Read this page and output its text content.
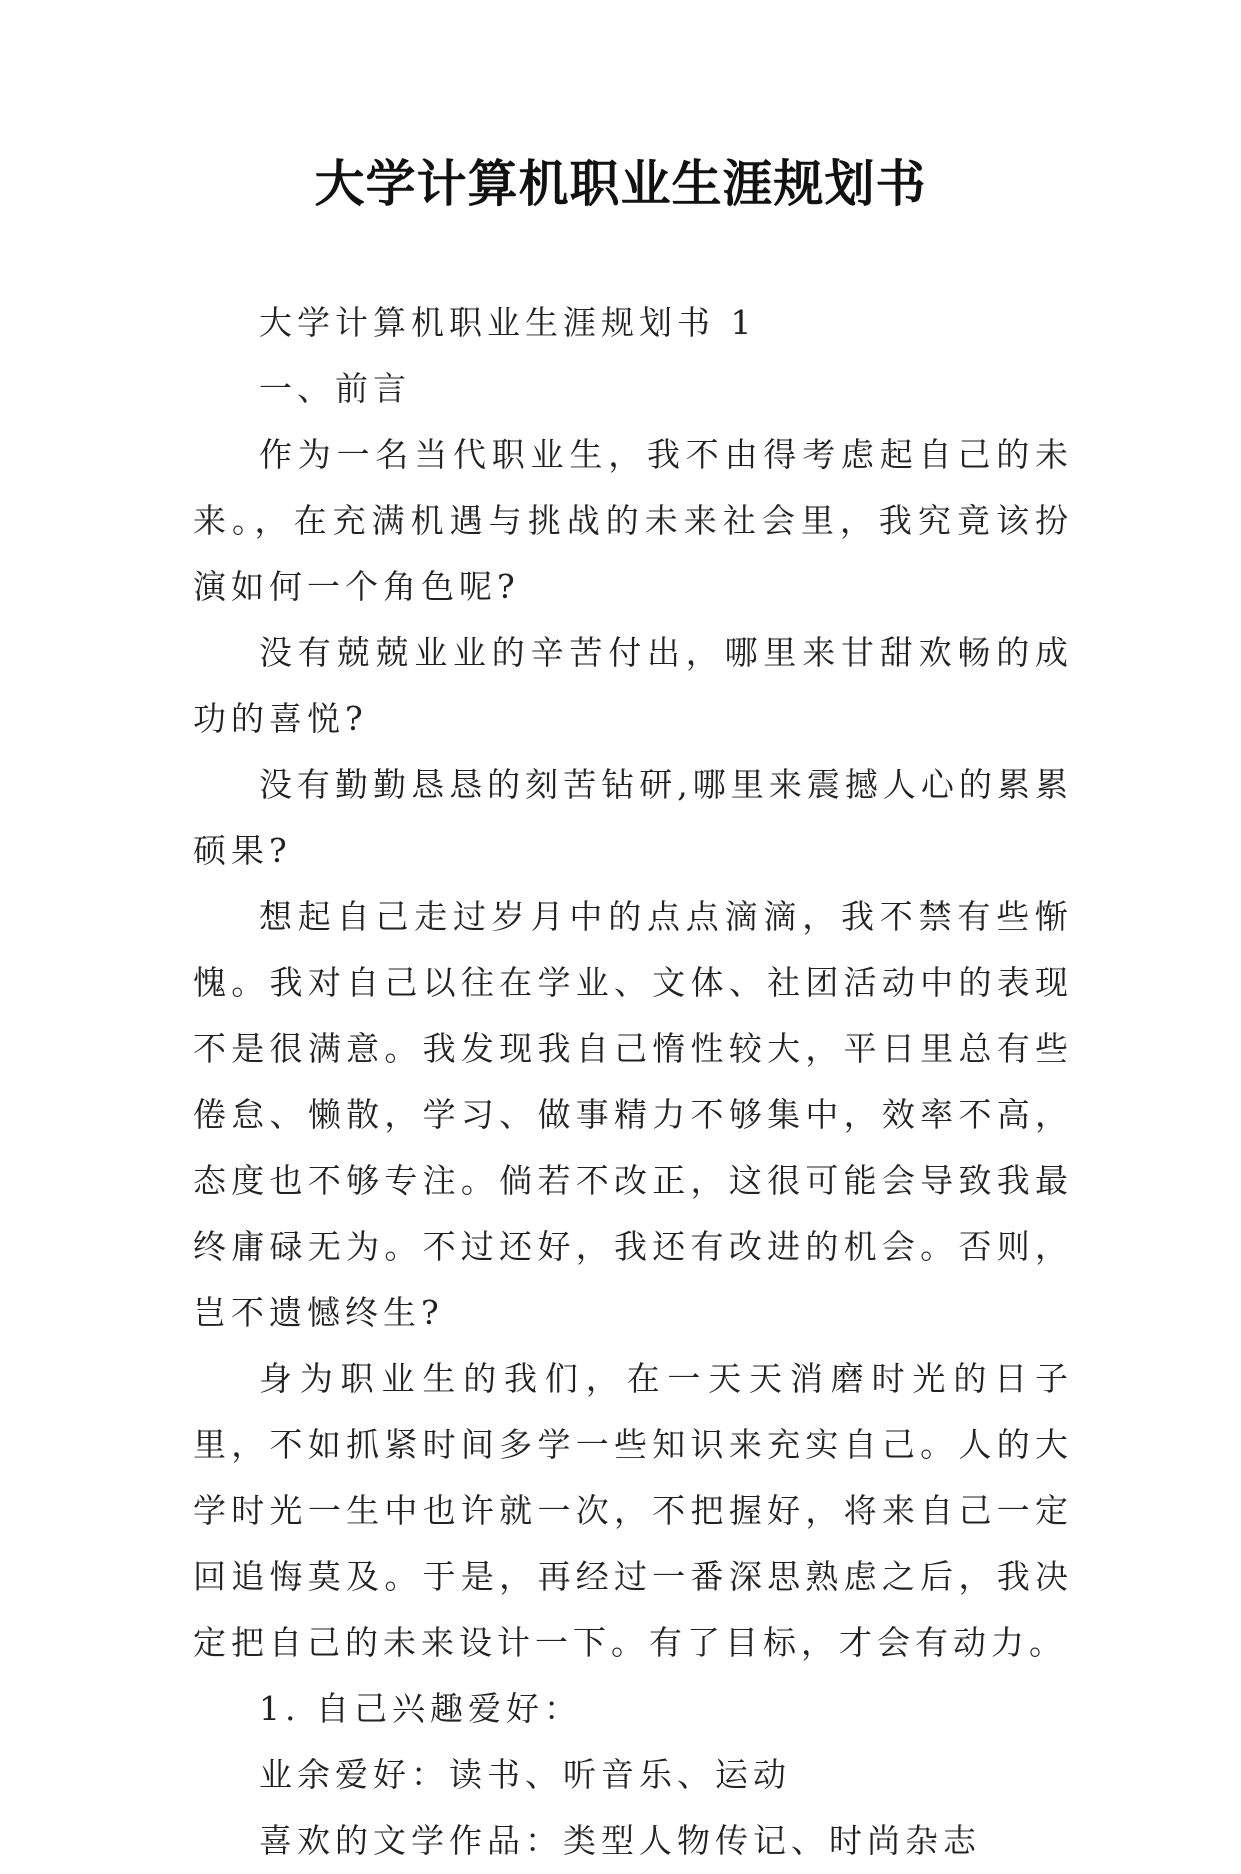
大学计算机职业生涯规划书

大学计算机职业生涯规划书 1

一、前言

作为一名当代职业生，我不由得考虑起自己的未来。，在充满机遇与挑战的未来社会里，我究竟该扮演如何一个角色呢?

没有兢兢业业的辛苦付出，哪里来甘甜欢畅的成功的喜悦?

没有勤勤恳恳的刻苦钻研,哪里来震撼人心的累累硕果?

想起自己走过岁月中的点点滴滴，我不禁有些惭愧。我对自己以往在学业、文体、社团活动中的表现不是很满意。我发现我自己惰性较大，平日里总有些倦怠、懒散，学习、做事精力不够集中，效率不高，态度也不够专注。倘若不改正，这很可能会导致我最终庸碌无为。不过还好，我还有改进的机会。否则，岂不遗憾终生?

身为职业生的我们，在一天天消磨时光的日子里，不如抓紧时间多学一些知识来充实自己。人的大学时光一生中也许就一次，不把握好，将来自己一定回追悔莫及。于是，再经过一番深思熟虑之后，我决定把自己的未来设计一下。有了目标，才会有动力。

1. 自己兴趣爱好：

业余爱好：读书、听音乐、运动

喜欢的文学作品：类型人物传记、时尚杂志
